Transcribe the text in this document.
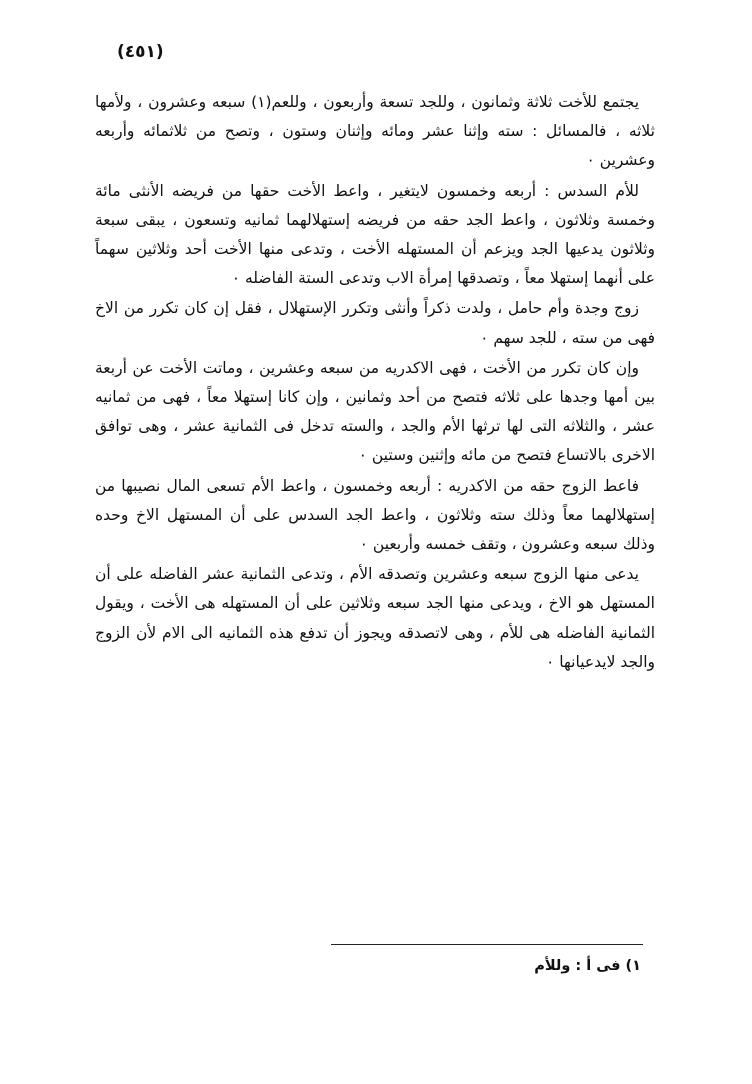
(٤٥١)

يجتمع للأخت ثلاثة وثمانون ، وللجد تسعة وأربعون ، وللعم(١) سبعه وعشرون ، ولأمها ثلاثه ، فالمسائل : سته وإثنا عشر ومائه وإثنان وستون ، وتصح من ثلاثمائه وأربعه وعشرين ٠

للأم السدس : أربعه وخمسون لايتغير ، واعط الأخت حقها من فريضه الأنثى مائة وخمسة وثلاثون ، واعط الجد حقه من فريضه إستهلالهما ثمانيه وتسعون ، يبقى سبعة وثلاثون يدعيها الجد ويزعم أن المستهله الأخت ، وتدعى منها الأخت أحد وثلاثين سهماً على أنهما إستهلا معاً ، وتصدقها إمرأة الاب وتدعى الستة الفاضله ٠

زوج وجدة وأم حامل ، ولدت ذكراً وأنثى وتكرر الإستهلال ، فقل إن كان تكرر من الاخ فهى من سته ، للجد سهم ٠

وإن كان تكرر من الأخت ، فهى الاكدريه من سبعه وعشرين ، وماتت الأخت عن أربعة بين أمها وجدها على ثلاثه فتصح من أحد وثمانين ، وإن كانا إستهلا معاً ، فهى من ثمانيه عشر ، والثلاثه التى لها ترثها الأم والجد ، والسته تدخل فى الثمانية عشر ، وهى توافق الاخرى بالاتساع فتصح من مائه وإثنين وستين ٠

فاعط الزوج حقه من الاكدريه : أربعه وخمسون ، واعط الأم تسعى المال نصيبها من إستهلالهما معاً وذلك سته وثلاثون ، واعط الجد السدس على أن المستهل الاخ وحده وذلك سبعه وعشرون ، وتقف خمسه وأربعين ٠

يدعى منها الزوج سبعه وعشرين وتصدقه الأم ، وتدعى الثمانية عشر الفاضله على أن المستهل هو الاخ ، ويدعى منها الجد سبعه وثلاثين على أن المستهله هى الأخت ، ويقول الثمانية الفاضله هى للأم ، وهى لاتصدقه ويجوز أن تدفع هذه الثمانيه الى الام لأن الزوج والجد لايدعيانها ٠

١) فى أ : وللأم
